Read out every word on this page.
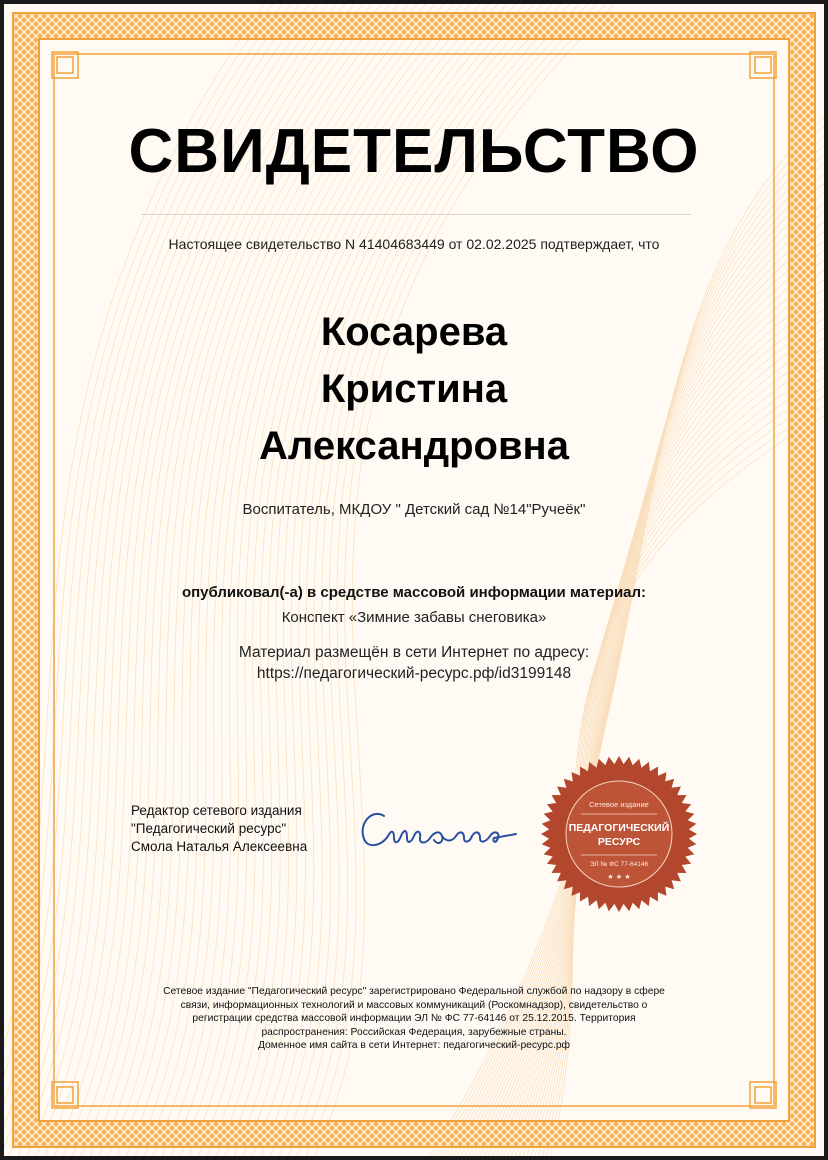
СВИДЕТЕЛЬСТВО
Настоящее свидетельство N 41404683449 от 02.02.2025 подтверждает, что
Косарева
Кристина
Александровна
Воспитатель, МКДОУ " Детский сад №14"Ручеёк"
опубликовал(-а) в средстве массовой информации материал:
Конспект «Зимние забавы снеговика»
Материал размещён в сети Интернет по адресу:
https://педагогический-ресурс.рф/id3199148
Редактор сетевого издания
"Педагогический ресурс"
Смола Наталья Алексеевна
Сетевое издание
ПЕДАГОГИЧЕСКИЙ
РЕСУРС
ЭЛ № ФС 77-64146
★ ★ ★
Сетевое издание "Педагогический ресурс" зарегистрировано Федеральной службой по надзору в сфере
связи, информационных технологий и массовых коммуникаций (Роскомнадзор), свидетельство о
регистрации средства массовой информации ЭЛ № ФС 77-64146 от 25.12.2015. Территория
распространения: Российская Федерация, зарубежные страны.
Доменное имя сайта в сети Интернет: педагогический-ресурс.рф
